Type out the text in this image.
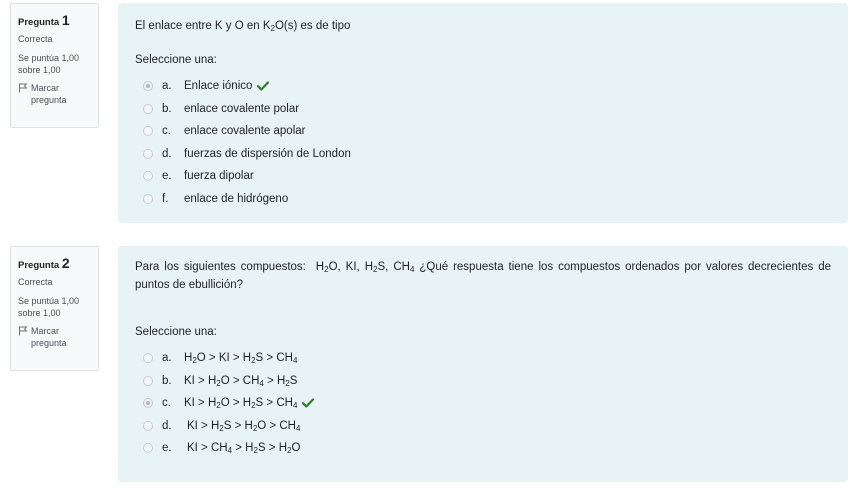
Pregunta 1
Correcta
Se puntúa 1,00 sobre 1,00
Marcar pregunta
El enlace entre K y O en $K_2O(s)$ es de tipo
Seleccione una:
a.	Enlace iónico
b.	enlace covalente polar
c.	enlace covalente apolar
d.	fuerzas de dispersión de London
e.	fuerza dipolar
f.	enlace de hidrógeno
Pregunta 2
Correcta
Se puntúa 1,00 sobre 1,00
Marcar pregunta
Para los siguientes compuestos:  $H_2O$, KI, $H_2S$, $CH_4$ ¿Qué respuesta tiene los compuestos ordenados por valores decrecientes de puntos de ebullición?
Seleccione una:
a.	$H_2O$ > KI > $H_2S > CH_4$
b.	KI > $H_2O > CH_4 > H_2S$
c.	KI > $H_2O > H_2S > CH_4$
d.	KI > $H_2S > H_2O > CH_4$
e.	KI > $CH_4 > H_2S > H_2O$
